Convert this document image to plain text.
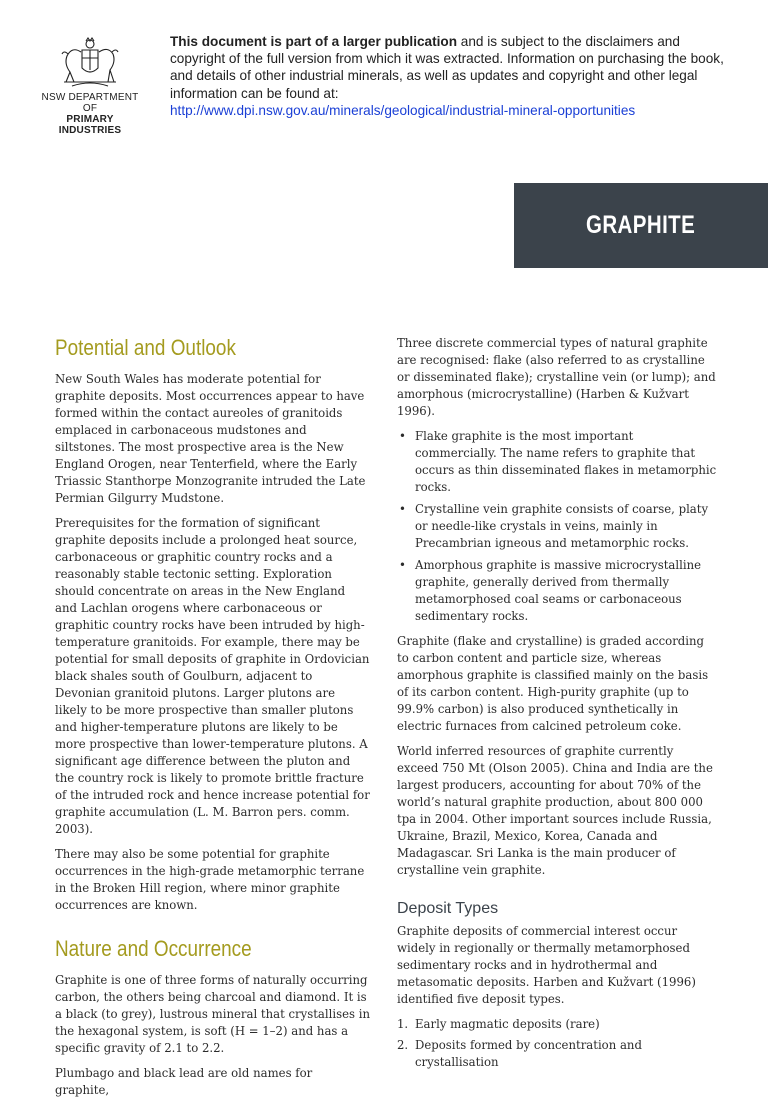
NSW DEPARTMENT OF
PRIMARY INDUSTRIES
This document is part of a larger publication and is subject to the disclaimers and copyright of the full version from which it was extracted. Information on purchasing the book, and details of other industrial minerals, as well as updates and copyright and other legal information can be found at:
http://www.dpi.nsw.gov.au/minerals/geological/industrial-mineral-opportunities
GRAPHITE
Potential and Outlook

New South Wales has moderate potential for graphite deposits. Most occurrences appear to have formed within the contact aureoles of granitoids emplaced in carbonaceous mudstones and siltstones. The most prospective area is the New England Orogen, near Tenterfield, where the Early Triassic Stanthorpe Monzogranite intruded the Late Permian Gilgurry Mudstone.

Prerequisites for the formation of significant graphite deposits include a prolonged heat source, carbonaceous or graphitic country rocks and a reasonably stable tectonic setting. Exploration should concentrate on areas in the New England and Lachlan orogens where carbonaceous or graphitic country rocks have been intruded by high-temperature granitoids. For example, there may be potential for small deposits of graphite in Ordovician black shales south of Goulburn, adjacent to Devonian granitoid plutons. Larger plutons are likely to be more prospective than smaller plutons and higher-temperature plutons are likely to be more prospective than lower-temperature plutons. A significant age difference between the pluton and the country rock is likely to promote brittle fracture of the intruded rock and hence increase potential for graphite accumulation (L. M. Barron pers. comm. 2003).

There may also be some potential for graphite occurrences in the high-grade metamorphic terrane in the Broken Hill region, where minor graphite occurrences are known.

Nature and Occurrence

Graphite is one of three forms of naturally occurring carbon, the others being charcoal and diamond. It is a black (to grey), lustrous mineral that crystallises in the hexagonal system, is soft (H = 1–2) and has a specific gravity of 2.1 to 2.2.

Plumbago and black lead are old names for graphite,

Three discrete commercial types of natural graphite are recognised: flake (also referred to as crystalline or disseminated flake); crystalline vein (or lump); and amorphous (microcrystalline) (Harben & Kužvart 1996).

• Flake graphite is the most important commercially. The name refers to graphite that occurs as thin disseminated flakes in metamorphic rocks.
• Crystalline vein graphite consists of coarse, platy or needle-like crystals in veins, mainly in Precambrian igneous and metamorphic rocks.
• Amorphous graphite is massive microcrystalline graphite, generally derived from thermally metamorphosed coal seams or carbonaceous sedimentary rocks.

Graphite (flake and crystalline) is graded according to carbon content and particle size, whereas amorphous graphite is classified mainly on the basis of its carbon content. High-purity graphite (up to 99.9% carbon) is also produced synthetically in electric furnaces from calcined petroleum coke.

World inferred resources of graphite currently exceed 750 Mt (Olson 2005). China and India are the largest producers, accounting for about 70% of the world’s natural graphite production, about 800 000 tpa in 2004. Other important sources include Russia, Ukraine, Brazil, Mexico, Korea, Canada and Madagascar. Sri Lanka is the main producer of crystalline vein graphite.

Deposit Types

Graphite deposits of commercial interest occur widely in regionally or thermally metamorphosed sedimentary rocks and in hydrothermal and metasomatic deposits. Harben and Kužvart (1996) identified five deposit types.

1. Early magmatic deposits (rare)
2. Deposits formed by concentration and crystallisation
